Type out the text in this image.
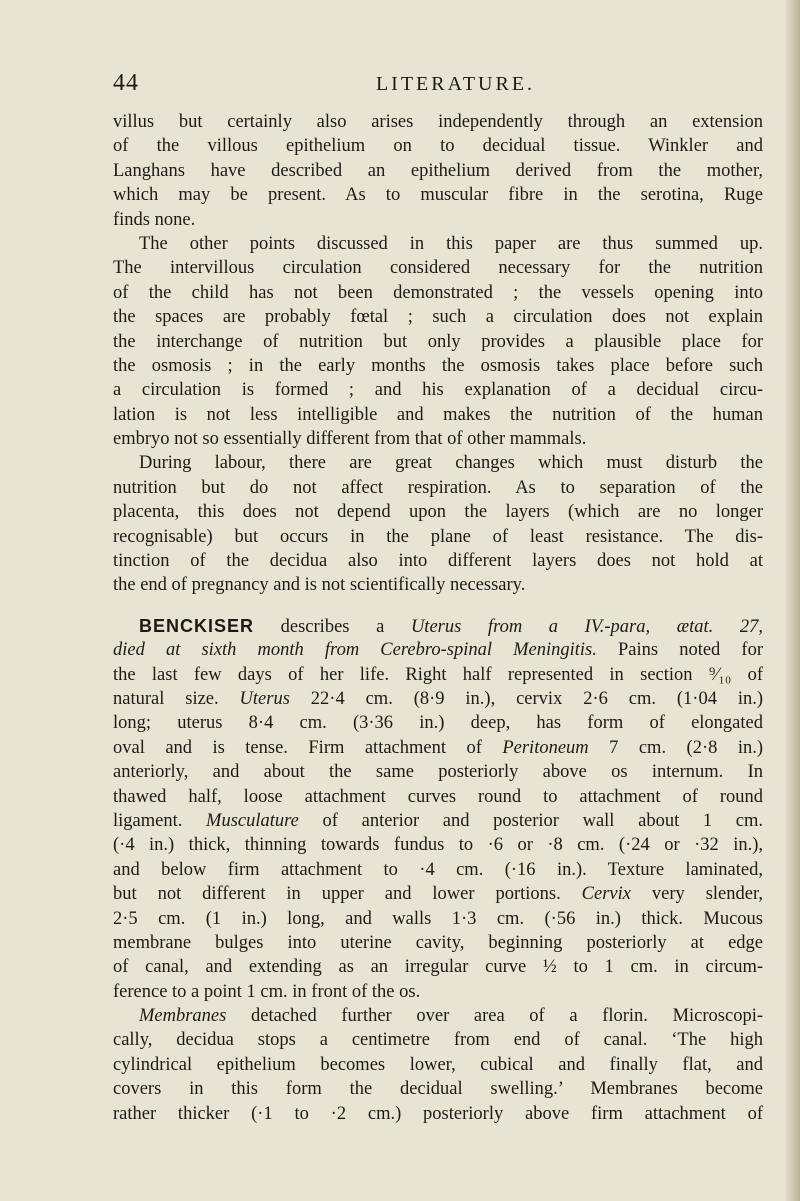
44	LITERATURE.
villus but certainly also arises independently through an extension
of the villous epithelium on to decidual tissue. Winkler and
Langhans have described an epithelium derived from the mother,
which may be present. As to muscular fibre in the serotina, Ruge
finds none.
The other points discussed in this paper are thus summed up.
The intervillous circulation considered necessary for the nutrition
of the child has not been demonstrated ; the vessels opening into
the spaces are probably fœtal ; such a circulation does not explain
the interchange of nutrition but only provides a plausible place for
the osmosis ; in the early months the osmosis takes place before such
a circulation is formed ; and his explanation of a decidual circu-
lation is not less intelligible and makes the nutrition of the human
embryo not so essentially different from that of other mammals.
During labour, there are great changes which must disturb the
nutrition but do not affect respiration. As to separation of the
placenta, this does not depend upon the layers (which are no longer
recognisable) but occurs in the plane of least resistance. The dis-
tinction of the decidua also into different layers does not hold at
the end of pregnancy and is not scientifically necessary.
BENCKISER describes a Uterus from a IV.-para, ætat. 27,
died at sixth month from Cerebro-spinal Meningitis. Pains noted for
the last few days of her life. Right half represented in section ⁹⁄₁₀ of
natural size. Uterus 22·4 cm. (8·9 in.), cervix 2·6 cm. (1·04 in.)
long; uterus 8·4 cm. (3·36 in.) deep, has form of elongated
oval and is tense. Firm attachment of Peritoneum 7 cm. (2·8 in.)
anteriorly, and about the same posteriorly above os internum. In
thawed half, loose attachment curves round to attachment of round
ligament. Musculature of anterior and posterior wall about 1 cm.
(·4 in.) thick, thinning towards fundus to ·6 or ·8 cm. (·24 or ·32 in.),
and below firm attachment to ·4 cm. (·16 in.). Texture laminated,
but not different in upper and lower portions. Cervix very slender,
2·5 cm. (1 in.) long, and walls 1·3 cm. (·56 in.) thick. Mucous
membrane bulges into uterine cavity, beginning posteriorly at edge
of canal, and extending as an irregular curve ½ to 1 cm. in circum-
ference to a point 1 cm. in front of the os.
Membranes detached further over area of a florin. Microscopi-
cally, decidua stops a centimetre from end of canal. ‘The high
cylindrical epithelium becomes lower, cubical and finally flat, and
covers in this form the decidual swelling.’ Membranes become
rather thicker (·1 to ·2 cm.) posteriorly above firm attachment of
